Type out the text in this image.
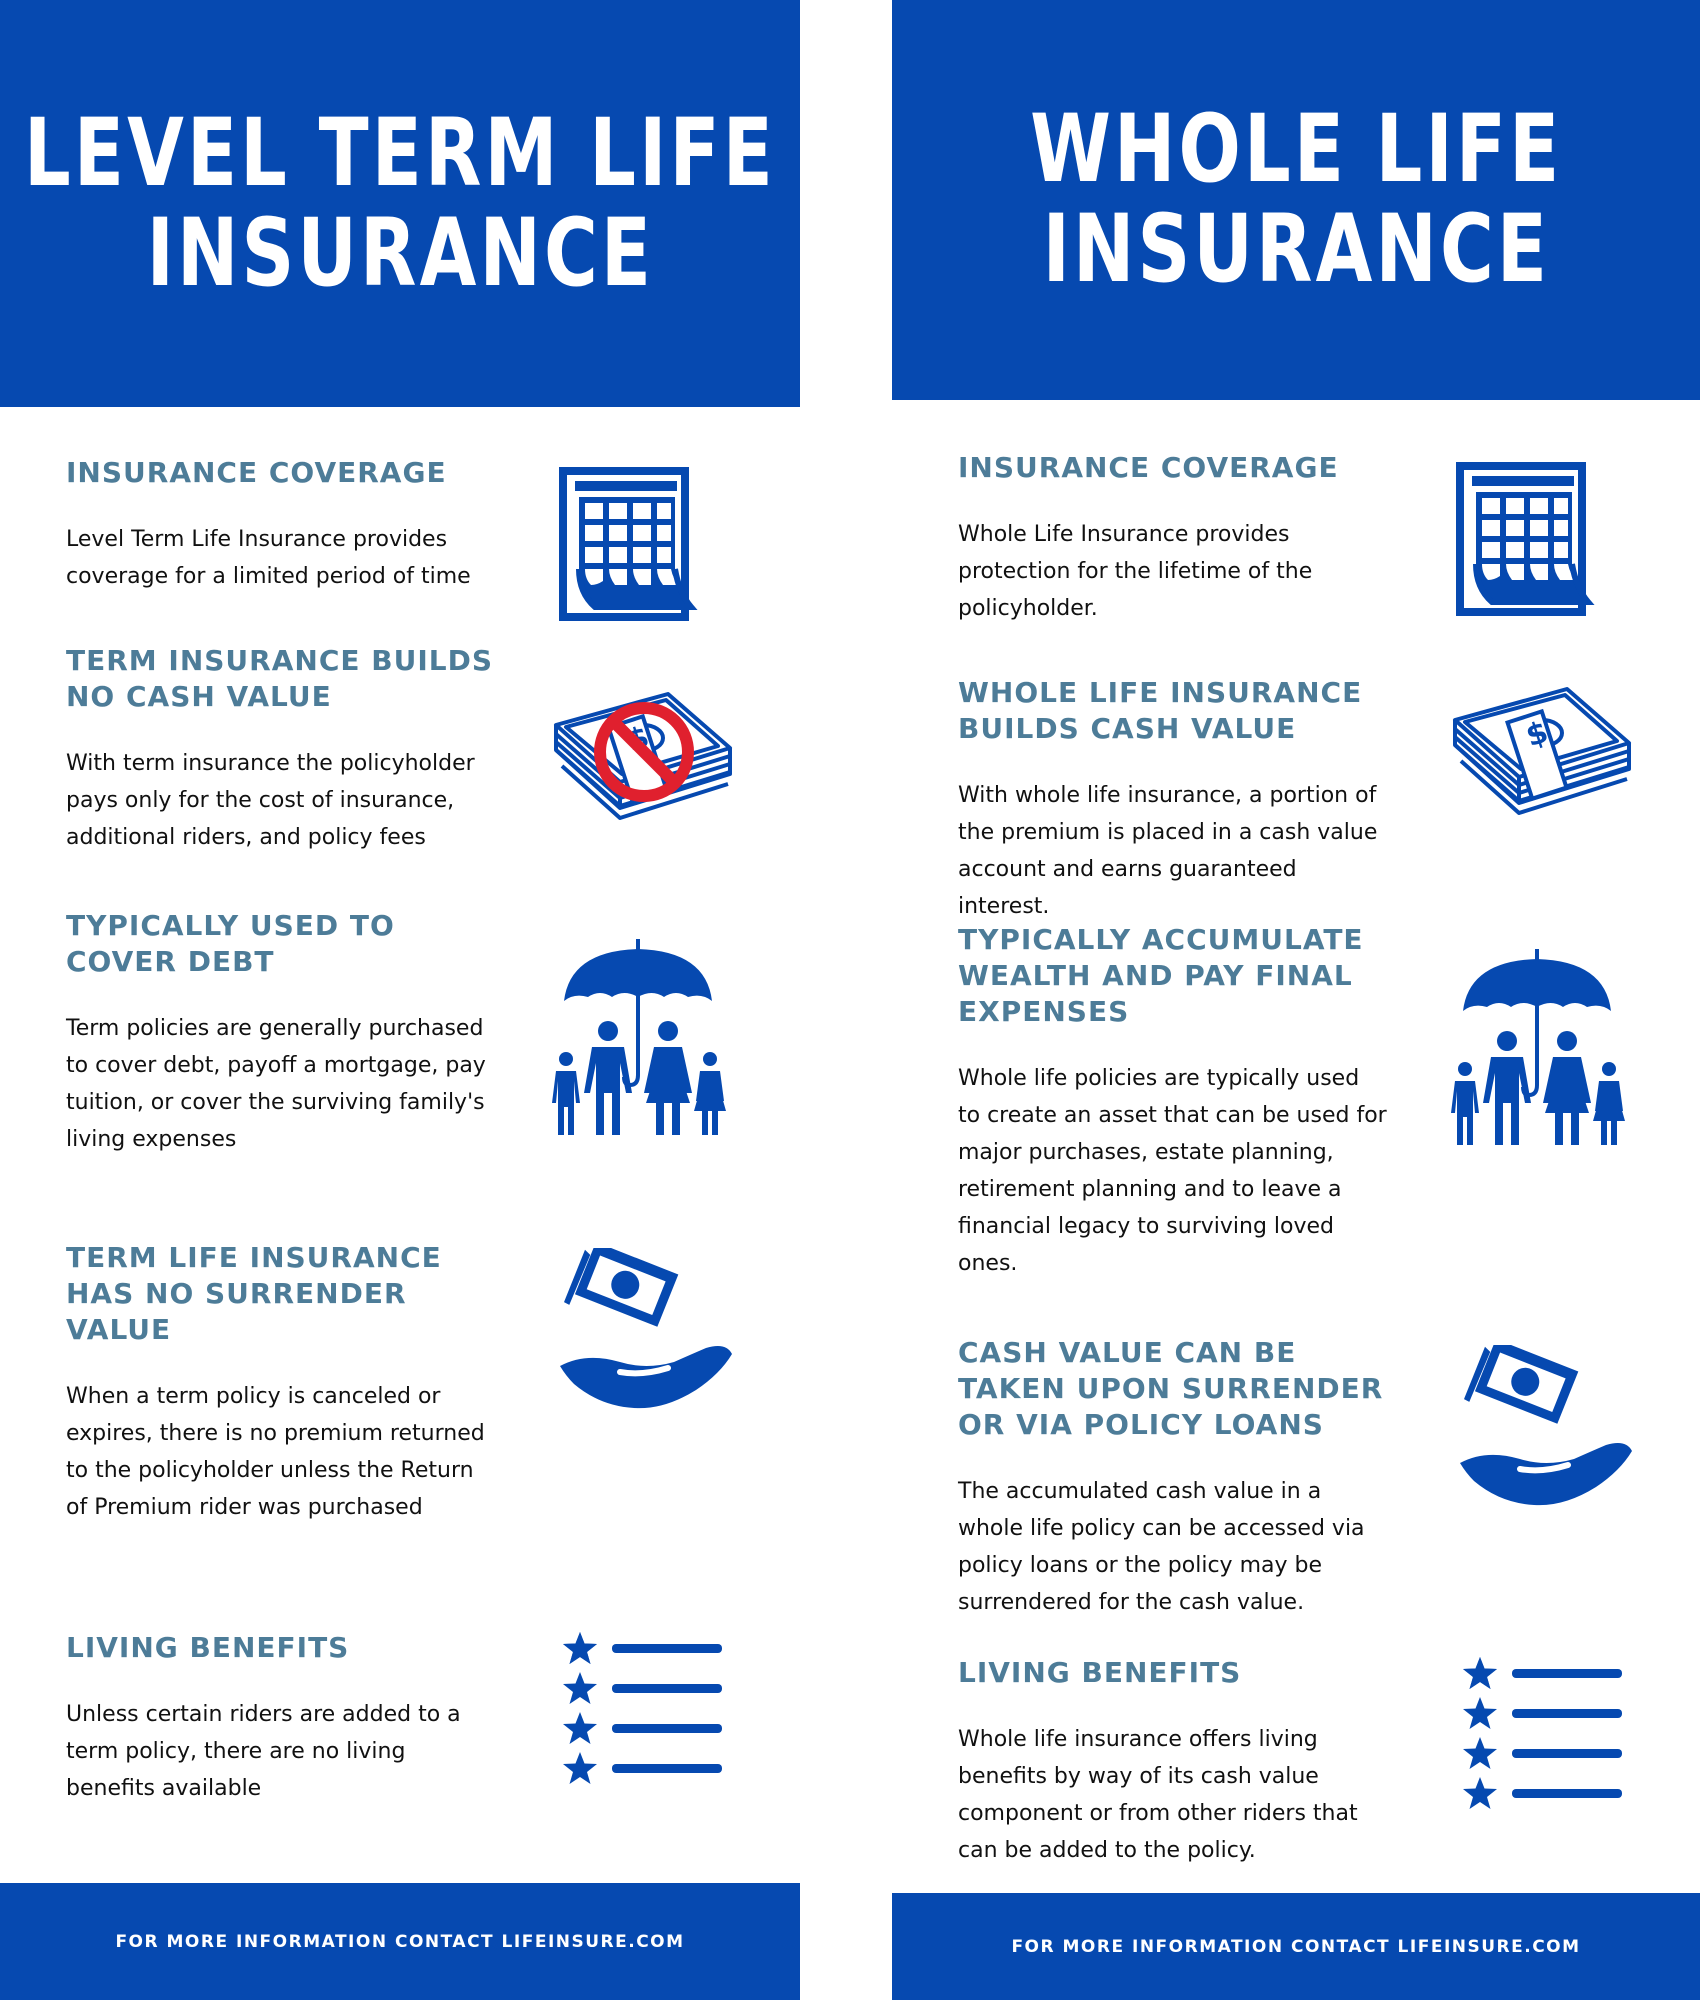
LEVEL TERM LIFE
INSURANCE
INSURANCE COVERAGE

Level Term Life Insurance provides coverage for a limited period of time

TERM INSURANCE BUILDS NO CASH VALUE

With term insurance the policyholder pays only for the cost of insurance, additional riders, and policy fees

TYPICALLY USED TO COVER DEBT

Term policies are generally purchased to cover debt, payoff a mortgage, pay tuition, or cover the surviving family's living expenses

TERM LIFE INSURANCE HAS NO SURRENDER VALUE

When a term policy is canceled or expires, there is no premium returned to the policyholder unless the Return of Premium rider was purchased

LIVING BENEFITS

Unless certain riders are added to a term policy, there are no living benefits available

FOR MORE INFORMATION CONTACT LIFEINSURE.COM
WHOLE LIFE
INSURANCE
INSURANCE COVERAGE

Whole Life Insurance provides protection for the lifetime of the policyholder.

WHOLE LIFE INSURANCE BUILDS CASH VALUE

With whole life insurance, a portion of the premium is placed in a cash value account and earns guaranteed interest.

TYPICALLY ACCUMULATE WEALTH AND PAY FINAL EXPENSES

Whole life policies are typically used to create an asset that can be used for major purchases, estate planning, retirement planning and to leave a financial legacy to surviving loved ones.

CASH VALUE CAN BE TAKEN UPON SURRENDER OR VIA POLICY LOANS

The accumulated cash value in a whole life policy can be accessed via policy loans or the policy may be surrendered for the cash value.

LIVING BENEFITS

Whole life insurance offers living benefits by way of its cash value component or from other riders that can be added to the policy.

FOR MORE INFORMATION CONTACT LIFEINSURE.COM
